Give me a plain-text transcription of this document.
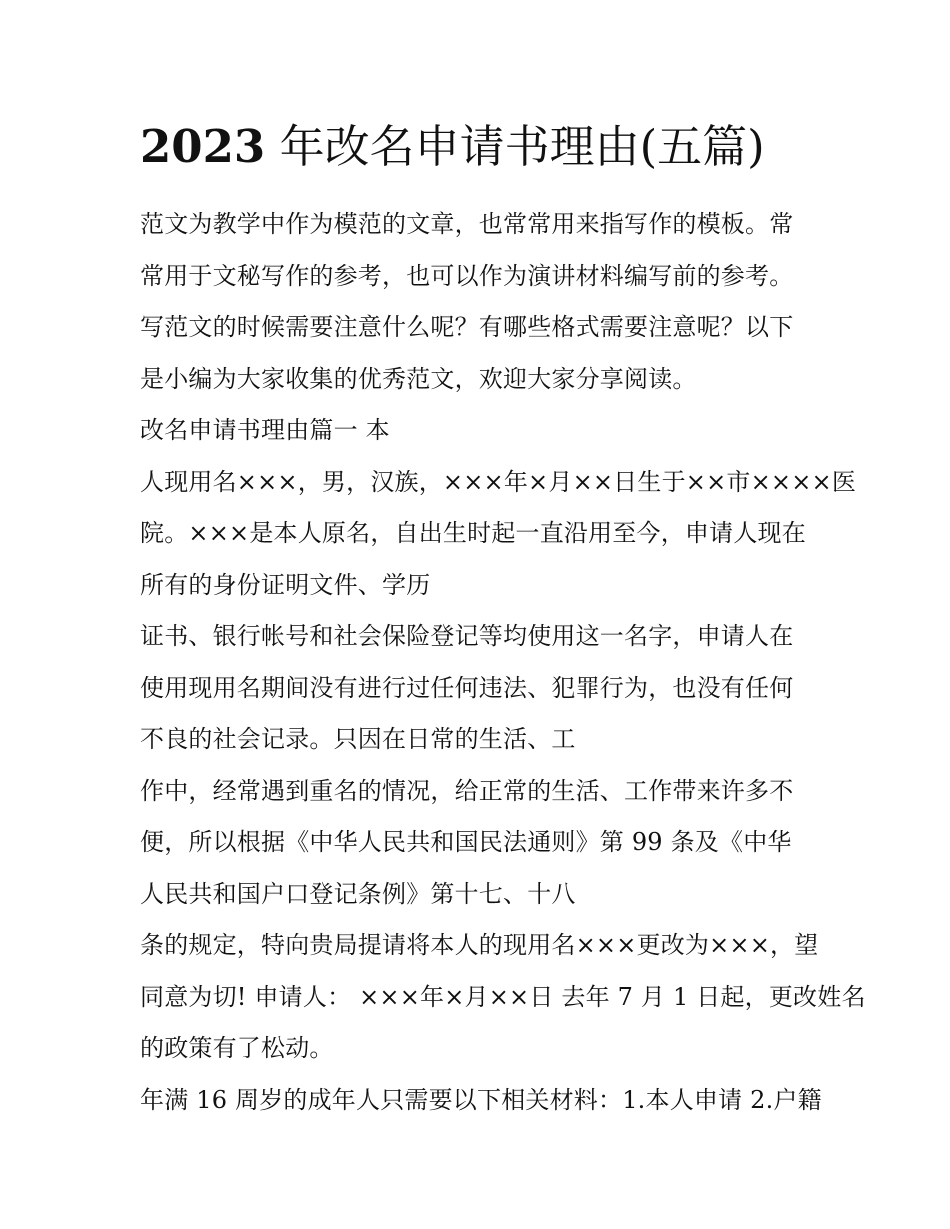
2023 年改名申请书理由(五篇)
范文为教学中作为模范的文章，也常常用来指写作的模板。常
常用于文秘写作的参考，也可以作为演讲材料编写前的参考。
写范文的时候需要注意什么呢？有哪些格式需要注意呢？以下
是小编为大家收集的优秀范文，欢迎大家分享阅读。
改名申请书理由篇一 本
人现用名×××，男，汉族，×××年×月××日生于××市××××医
院。×××是本人原名，自出生时起一直沿用至今，申请人现在
所有的身份证明文件、学历
证书、银行帐号和社会保险登记等均使用这一名字，申请人在
使用现用名期间没有进行过任何违法、犯罪行为，也没有任何
不良的社会记录。只因在日常的生活、工
作中，经常遇到重名的情况，给正常的生活、工作带来许多不
便，所以根据《中华人民共和国民法通则》第 99 条及《中华
人民共和国户口登记条例》第十七、十八
条的规定，特向贵局提请将本人的现用名×××更改为×××，望
同意为切! 申请人： ×××年×月××日 去年 7 月 1 日起，更改姓名
的政策有了松动。
年满 16 周岁的成年人只需要以下相关材料：1.本人申请 2.户籍
